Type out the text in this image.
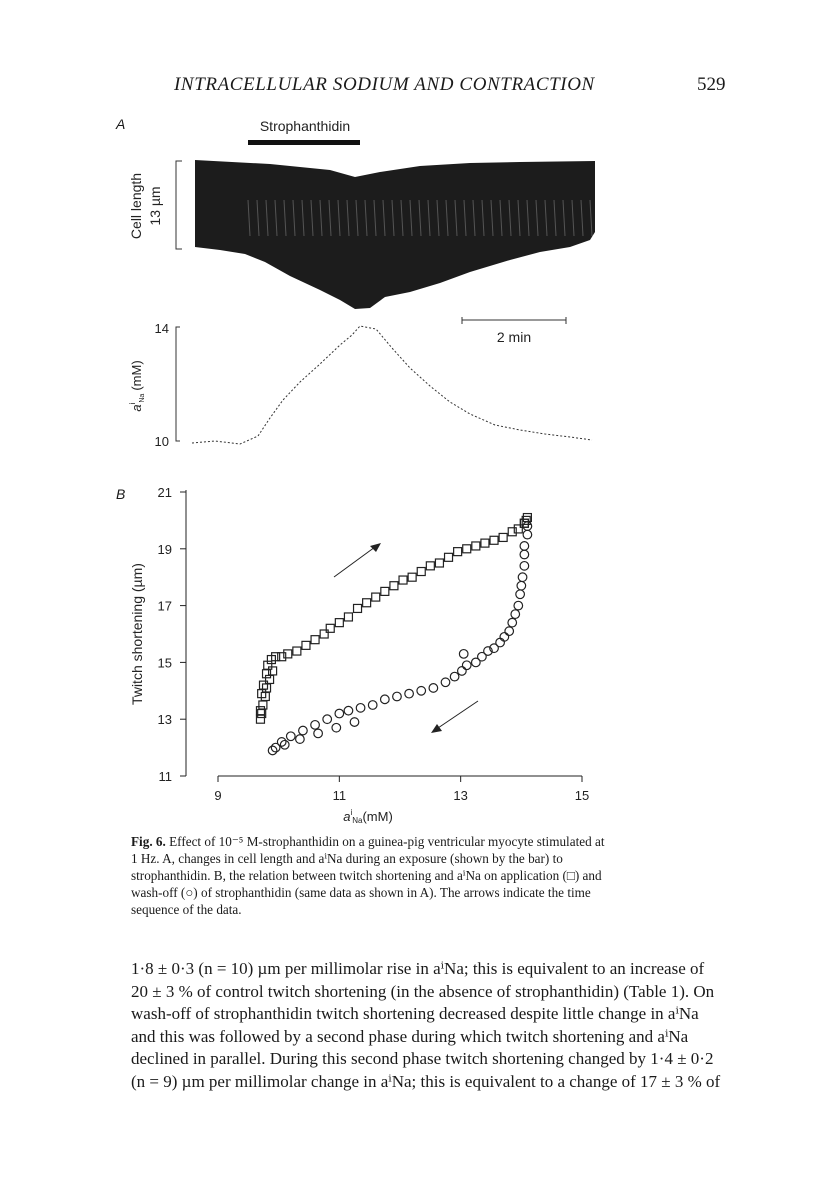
INTRACELLULAR SODIUM AND CONTRACTION	529
A
B
Strophanthidin
Cell length 13 µm
14
10
$a^i_{Na}(mM)$
2 min
11
13
15
17
19
21
9	11	13	15
Twitch shortening (µm)
$a^i_{Na}(mM)$

Fig. 6. Effect of 10⁻⁵ M-strophanthidin on a guinea-pig ventricular myocyte stimulated at

1 Hz. A, changes in cell length and aⁱNa during an exposure (shown by the bar) to

strophanthidin. B, the relation between twitch shortening and aⁱNa on application (□) and

wash-off (○) of strophanthidin (same data as shown in A). The arrows indicate the time

sequence of the data.

1·8 ± 0·3 (n = 10) µm per millimolar rise in aⁱNa; this is equivalent to an increase of

20 ± 3 % of control twitch shortening (in the absence of strophanthidin) (Table 1). On

wash-off of strophanthidin twitch shortening decreased despite little change in aⁱNa

and this was followed by a second phase during which twitch shortening and aⁱNa

declined in parallel. During this second phase twitch shortening changed by 1·4 ± 0·2

(n = 9) µm per millimolar change in aⁱNa; this is equivalent to a change of 17 ± 3 % of
